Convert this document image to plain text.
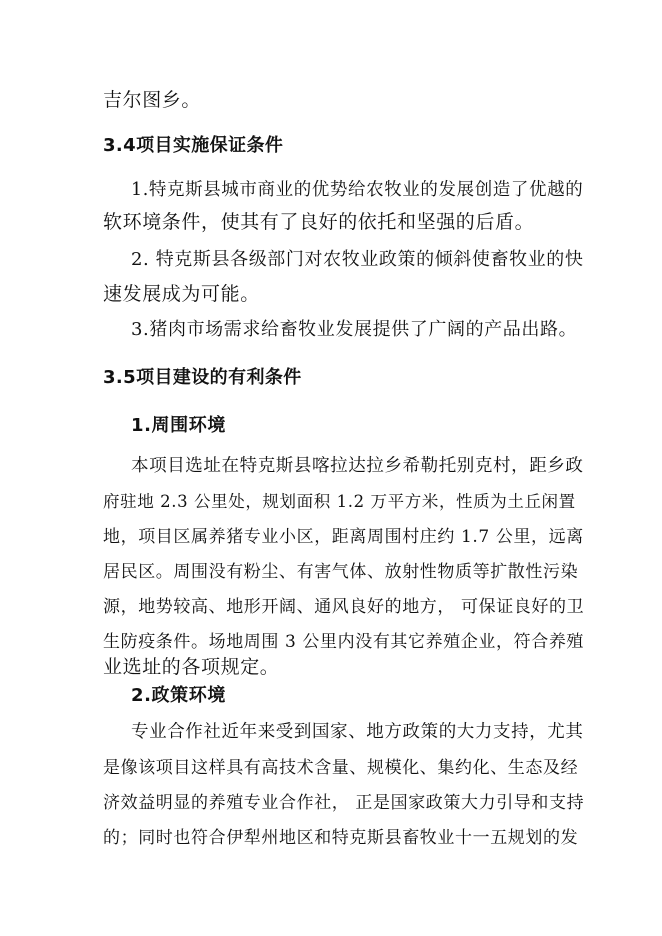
吉尔图乡。
3.4项目实施保证条件
1.特克斯县城市商业的优势给农牧业的发展创造了优越的
软环境条件，使其有了良好的依托和坚强的后盾。
2. 特克斯县各级部门对农牧业政策的倾斜使畜牧业的快
速发展成为可能。
3.猪肉市场需求给畜牧业发展提供了广阔的产品出路。
3.5项目建设的有利条件
1.周围环境
本项目选址在特克斯县喀拉达拉乡希勒托别克村，距乡政
府驻地 2.3 公里处，规划面积 1.2 万平方米，性质为土丘闲置
地，项目区属养猪专业小区，距离周围村庄约 1.7 公里，远离
居民区。周围没有粉尘、有害气体、放射性物质等扩散性污染
源，地势较高、地形开阔、通风良好的地方， 可保证良好的卫
生防疫条件。场地周围 3 公里内没有其它养殖企业，符合养殖
业选址的各项规定。
2.政策环境
专业合作社近年来受到国家、地方政策的大力支持，尤其
是像该项目这样具有高技术含量、规模化、集约化、生态及经
济效益明显的养殖专业合作社， 正是国家政策大力引导和支持
的；同时也符合伊犁州地区和特克斯县畜牧业十一五规划的发
